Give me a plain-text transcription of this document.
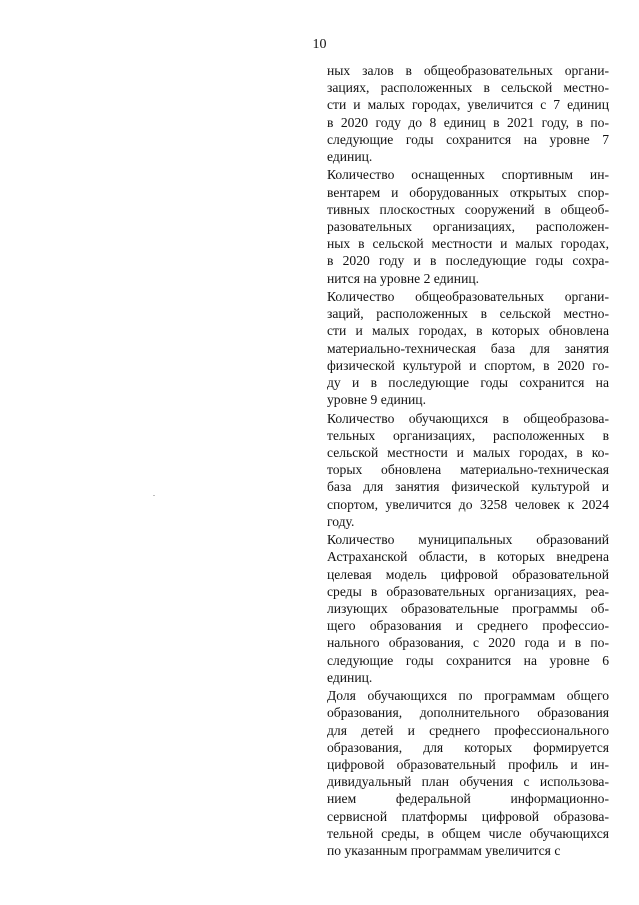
10
ных залов в общеобразовательных органи-
зациях, расположенных в сельской местно-
сти и малых городах, увеличится с 7 единиц
в 2020 году до 8 единиц в 2021 году, в по-
следующие годы сохранится на уровне 7
единиц.
Количество оснащенных спортивным ин-
вентарем и оборудованных открытых спор-
тивных плоскостных сооружений в общеоб-
разовательных организациях, расположен-
ных в сельской местности и малых городах,
в 2020 году и в последующие годы сохра-
нится на уровне 2 единиц.
Количество общеобразовательных органи-
заций, расположенных в сельской местно-
сти и малых городах, в которых обновлена
материально-техническая база для занятия
физической культурой и спортом, в 2020 го-
ду и в последующие годы сохранится на
уровне 9 единиц.
Количество обучающихся в общеобразова-
тельных организациях, расположенных в
сельской местности и малых городах, в ко-
торых обновлена материально-техническая
база для занятия физической культурой и
спортом, увеличится до 3258 человек к 2024
году.
Количество муниципальных образований
Астраханской области, в которых внедрена
целевая модель цифровой образовательной
среды в образовательных организациях, реа-
лизующих образовательные программы об-
щего образования и среднего профессио-
нального образования, с 2020 года и в по-
следующие годы сохранится на уровне 6
единиц.
Доля обучающихся по программам общего
образования, дополнительного образования
для детей и среднего профессионального
образования, для которых формируется
цифровой образовательный профиль и ин-
дивидуальный план обучения с использова-
нием федеральной информационно-
сервисной платформы цифровой образова-
тельной среды, в общем числе обучающихся
по указанным программам увеличится с
